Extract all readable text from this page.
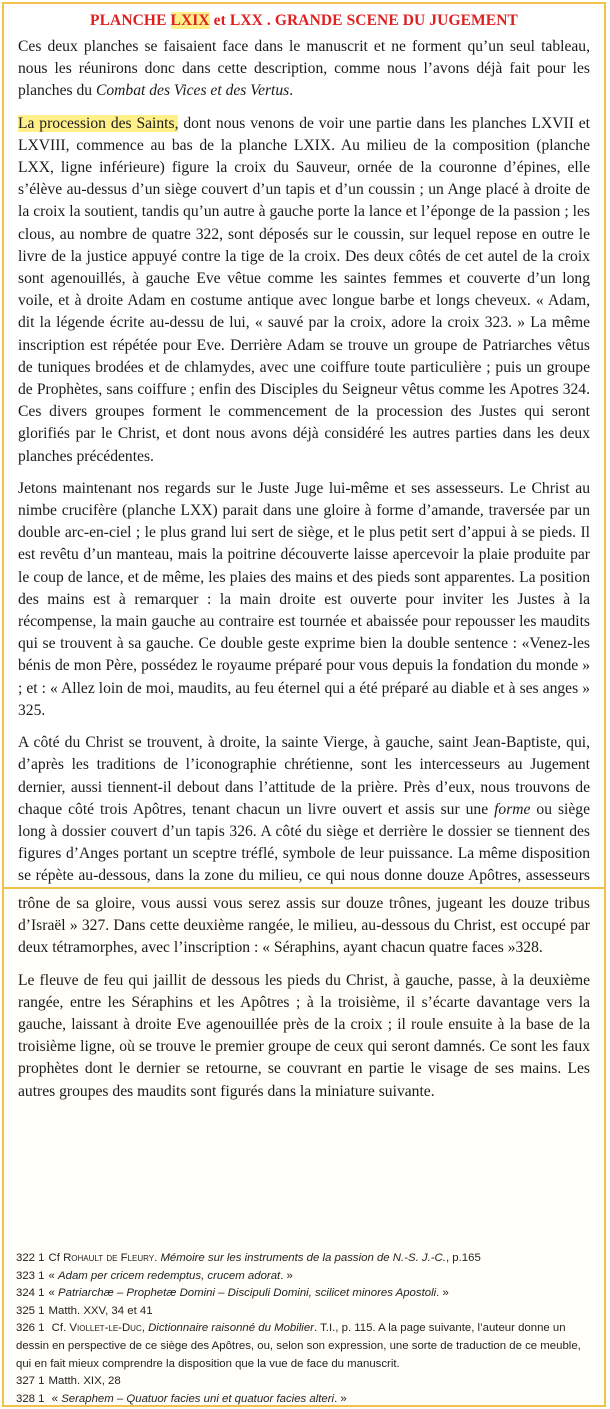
PLANCHE LXIX et LXX . GRANDE SCENE DU JUGEMENT

Ces deux planches se faisaient face dans le manuscrit et ne forment qu’un seul tableau, nous les réunirons donc dans cette description, comme nous l’avons déjà fait pour les planches du Combat des Vices et des Vertus.

La procession des Saints, dont nous venons de voir une partie dans les planches LXVII et LXVIII, commence au bas de la planche LXIX. Au milieu de la composition (planche LXX, ligne inférieure) figure la croix du Sauveur, ornée de la couronne d’épines, elle s’élève au-dessus d’un siège couvert d’un tapis et d’un coussin ; un Ange placé à droite de la croix la soutient, tandis qu’un autre à gauche porte la lance et l’éponge de la passion ; les clous, au nombre de quatre 322, sont déposés sur le coussin, sur lequel repose en outre le livre de la justice appuyé contre la tige de la croix. Des deux côtés de cet autel de la croix sont agenouillés, à gauche Eve vêtue comme les saintes femmes et couverte d’un long voile, et à droite Adam en costume antique avec longue barbe et longs cheveux. « Adam, dit la légende écrite au-dessu de lui, « sauvé par la croix, adore la croix 323. » La même inscription est répétée pour Eve. Derrière Adam se trouve un groupe de Patriarches vêtus de tuniques brodées et de chlamydes, avec une coiffure toute particulière ; puis un groupe de Prophètes, sans coiffure ; enfin des Disciples du Seigneur vêtus comme les Apotres 324. Ces divers groupes forment le commencement de la procession des Justes qui seront glorifiés par le Christ, et dont nous avons déjà considéré les autres parties dans les deux planches précédentes.

Jetons maintenant nos regards sur le Juste Juge lui-même et ses assesseurs. Le Christ au nimbe crucifère (planche LXX) parait dans une gloire à forme d’amande, traversée par un double arc-en-ciel ; le plus grand lui sert de siège, et le plus petit sert d’appui à se pieds. Il est revêtu d’un manteau, mais la poitrine découverte laisse apercevoir la plaie produite par le coup de lance, et de même, les plaies des mains et des pieds sont apparentes. La position des mains est à remarquer : la main droite est ouverte pour inviter les Justes à la récompense, la main gauche au contraire est tournée et abaissée pour repousser les maudits qui se trouvent à sa gauche. Ce double geste exprime bien la double sentence : «Venez-les bénis de mon Père, possédez le royaume préparé pour vous depuis la fondation du monde » ; et : « Allez loin de moi, maudits, au feu éternel qui a été préparé au diable et à ses anges » 325.

A côté du Christ se trouvent, à droite, la sainte Vierge, à gauche, saint Jean-Baptiste, qui, d’après les traditions de l’iconographie chrétienne, sont les intercesseurs au Jugement dernier, aussi tiennent-il debout dans l’attitude de la prière. Près d’eux, nous trouvons de chaque côté trois Apôtres, tenant chacun un livre ouvert et assis sur une forme ou siège long à dossier couvert d’un tapis 326. A côté du siège et derrière le dossier se tiennent des figures d’Anges portant un sceptre tréflé, symbole de leur puissance. La même disposition se répète au-dessous, dans la zone du milieu, ce qui nous donne douze Apôtres, assesseurs

trône de sa gloire, vous aussi vous serez assis sur douze trônes, jugeant les douze tribus d’Israël » 327. Dans cette deuxième rangée, le milieu, au-dessous du Christ, est occupé par deux tétramorphes, avec l’inscription : « Séraphins, ayant chacun quatre faces »328.

Le fleuve de feu qui jaillit de dessous les pieds du Christ, à gauche, passe, à la deuxième rangée, entre les Séraphins et les Apôtres ; à la troisième, il s’écarte davantage vers la gauche, laissant à droite Eve agenouillée près de la croix ; il roule ensuite à la base de la troisième ligne, où se trouve le premier groupe de ceux qui seront damnés. Ce sont les faux prophètes dont le dernier se retourne, se couvrant en partie le visage de ses mains. Les autres groupes des maudits sont figurés dans la miniature suivante.

322 1 Cf Rohault de Fleury. Mémoire sur les instruments de la passion de N.-S. J.-C., p.165

323 1 « Adam per cricem redemptus, crucem adorat. »

324 1 « Patriarchæ – Prophetæ Domini – Discipuli Domini, scilicet minores Apostoli. »

325 1 Matth. XXV, 34 et 41

326 1 Cf. Viollet-le-Duc, Dictionnaire raisonné du Mobilier. T.I., p. 115. A la page suivante, l’auteur donne un dessin en perspective de ce siège des Apôtres, ou, selon son expression, une sorte de traduction de ce meuble, qui en fait mieux comprendre la disposition que la vue de face du manuscrit.

327 1 Matth. XIX, 28

328 1 « Seraphem – Quatuor facies uni et quatuor facies alteri. »
